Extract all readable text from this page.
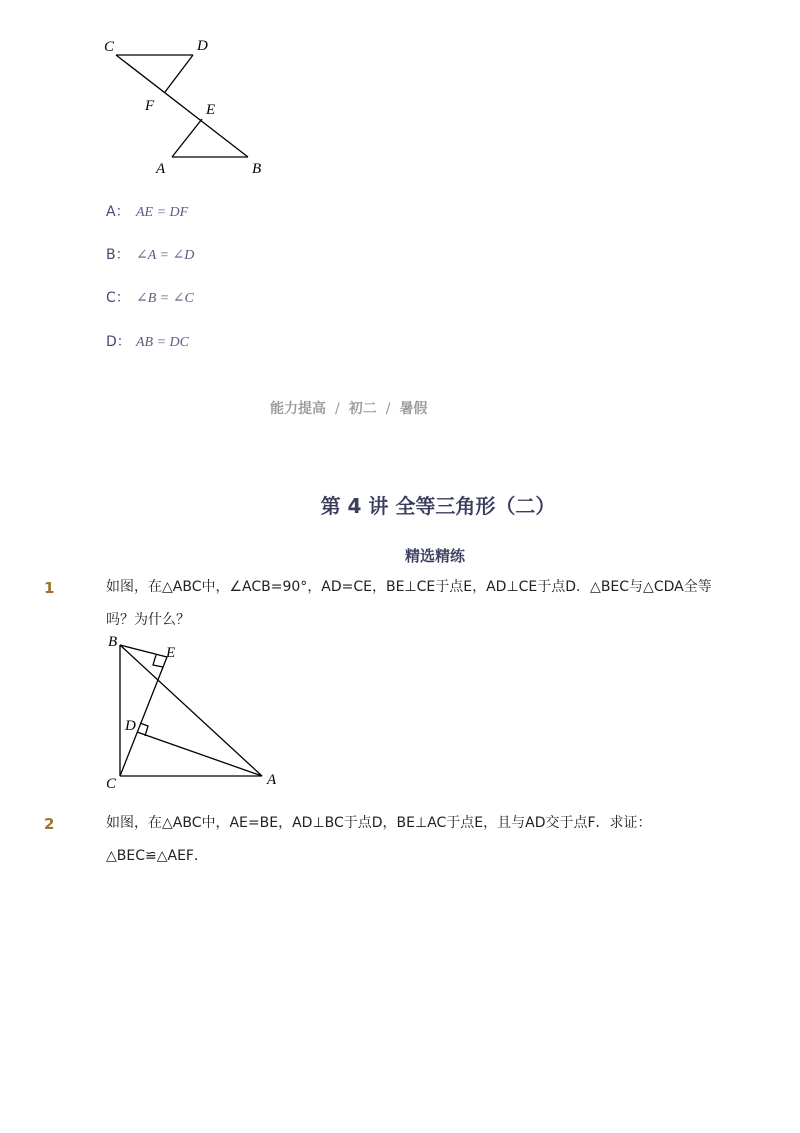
C	D
F	E
A	B
A： AE = DF
B： ∠A = ∠D
C： ∠B = ∠C
D： AB = DC
能力提高 / 初二 / 暑假
第 4 讲 全等三角形（二）
精选精练
1	如图，在△ABC中，∠ACB=90°，AD=CE，BE⊥CE于点E，AD⊥CE于点D．△BEC与△CDA全等
吗？为什么？
B
E
D
C	A
2	如图，在△ABC中，AE=BE，AD⊥BC于点D，BE⊥AC于点E，且与AD交于点F．求证：
△BEC≌△AEF．
